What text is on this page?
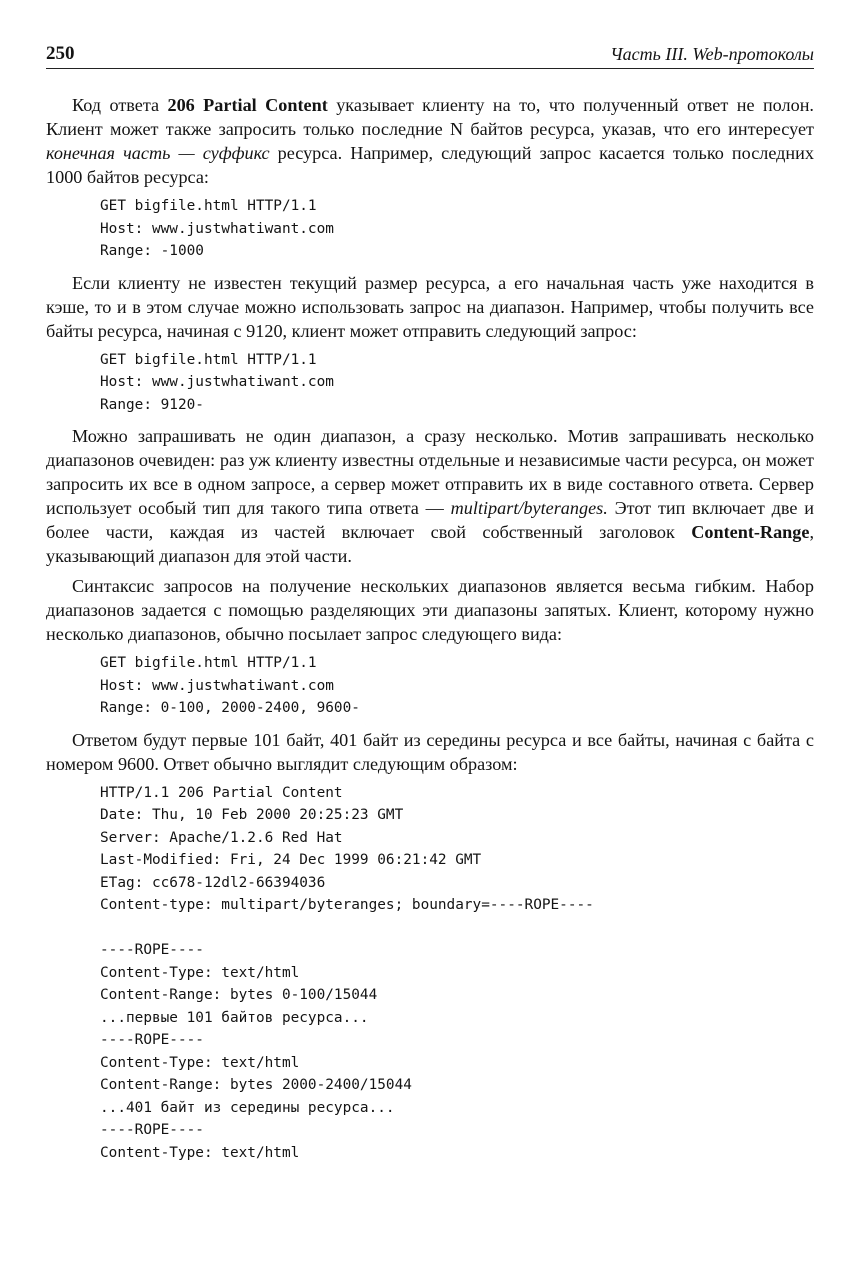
250	Часть III. Web-протоколы

Код ответа 206 Partial Content указывает клиенту на то, что полученный ответ не полон. Клиент может также запросить только последние N байтов ресурса, указав, что его интересует конечная часть — суффикс ресурса. Например, следующий запрос касается только последних 1000 байтов ресурса:

GET bigfile.html HTTP/1.1
Host: www.justwhatiwant.com
Range: -1000

Если клиенту не известен текущий размер ресурса, а его начальная часть уже находится в кэше, то и в этом случае можно использовать запрос на диапазон. Например, чтобы получить все байты ресурса, начиная с 9120, клиент может отправить следующий запрос:

GET bigfile.html HTTP/1.1
Host: www.justwhatiwant.com
Range: 9120-

Можно запрашивать не один диапазон, а сразу несколько. Мотив запрашивать несколько диапазонов очевиден: раз уж клиенту известны отдельные и независимые части ресурса, он может запросить их все в одном запросе, а сервер может отправить их в виде составного ответа. Сервер использует особый тип для такого типа ответа — multipart/byteranges. Этот тип включает две и более части, каждая из частей включает свой собственный заголовок Content-Range, указывающий диапазон для этой части.

Синтаксис запросов на получение нескольких диапазонов является весьма гибким. Набор диапазонов задается с помощью разделяющих эти диапазоны запятых. Клиент, которому нужно несколько диапазонов, обычно посылает запрос следующего вида:

GET bigfile.html HTTP/1.1
Host: www.justwhatiwant.com
Range: 0-100, 2000-2400, 9600-

Ответом будут первые 101 байт, 401 байт из середины ресурса и все байты, начиная с байта с номером 9600. Ответ обычно выглядит следующим образом:

HTTP/1.1 206 Partial Content
Date: Thu, 10 Feb 2000 20:25:23 GMT
Server: Apache/1.2.6 Red Hat
Last-Modified: Fri, 24 Dec 1999 06:21:42 GMT
ETag: cc678-12dl2-66394036
Content-type: multipart/byteranges; boundary=----ROPE----

----ROPE----
Content-Type: text/html
Content-Range: bytes 0-100/15044
...первые 101 байтов ресурса...
----ROPE----
Content-Type: text/html
Content-Range: bytes 2000-2400/15044
...401 байт из середины ресурса...
----ROPE----
Content-Type: text/html
